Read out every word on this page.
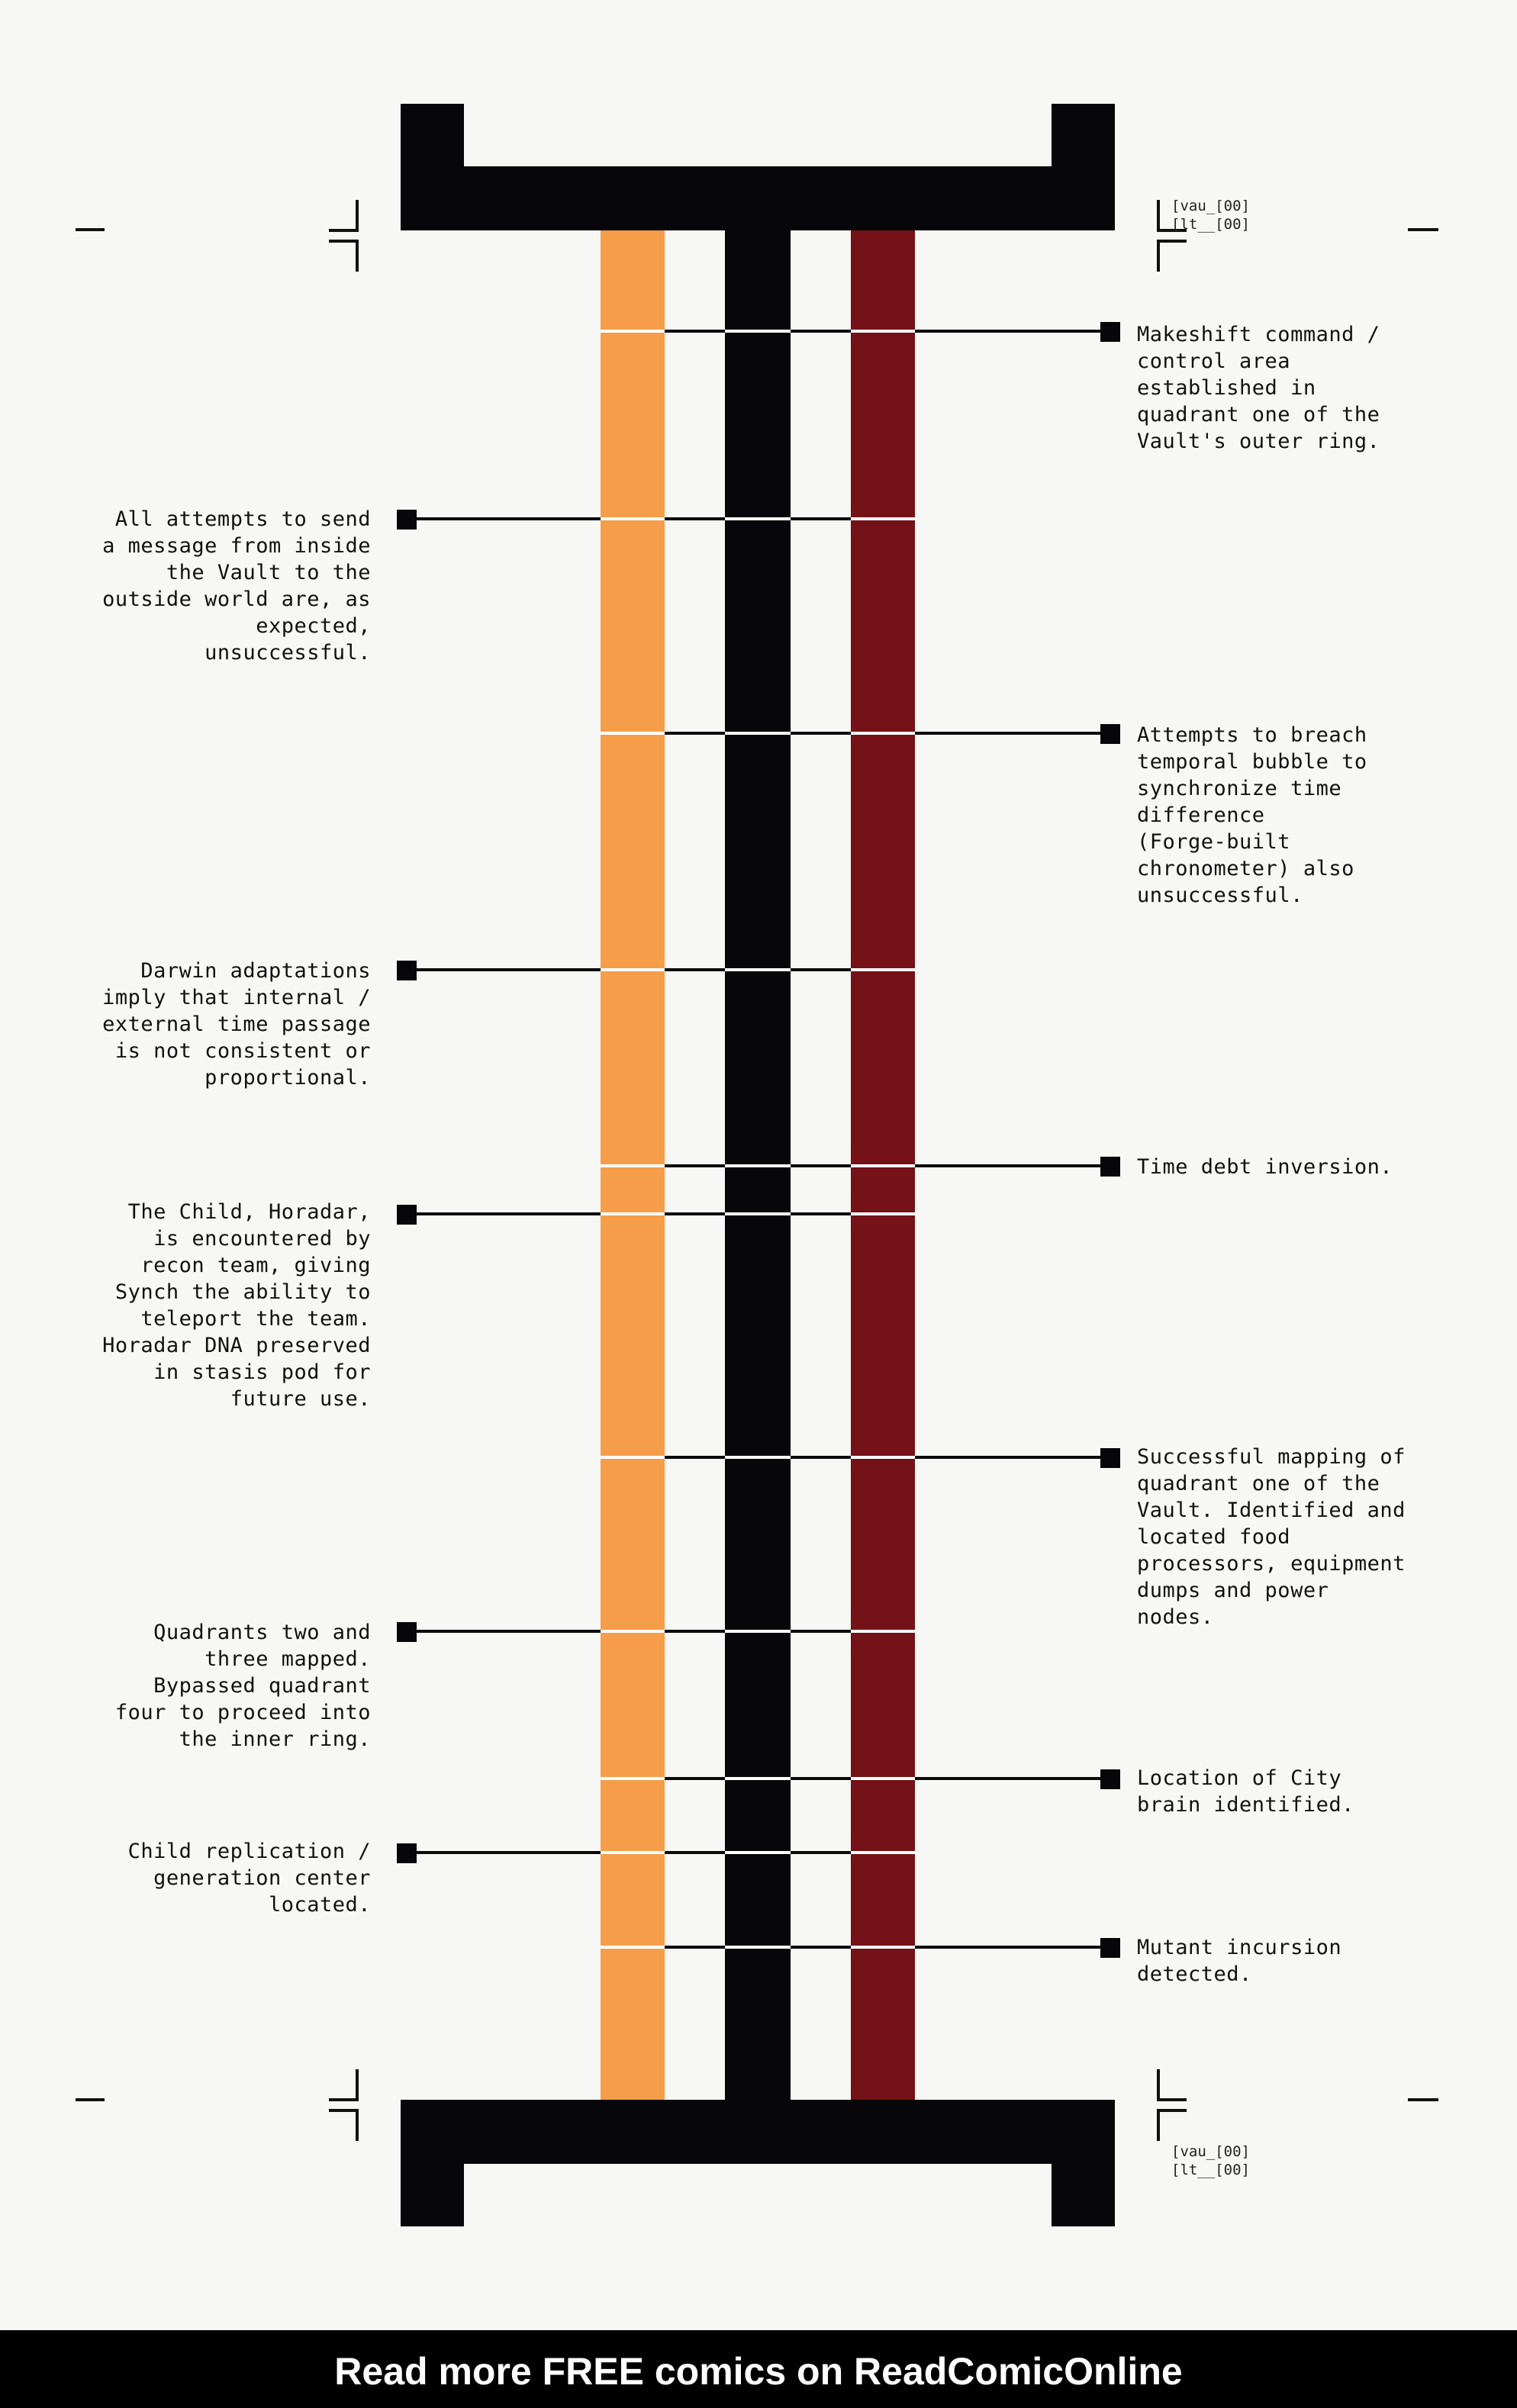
[vau_[00]
[lt__[00]

[vau_[00]
[lt__[00]

Makeshift command /
control area
established in
quadrant one of the
Vault's outer ring.

All attempts to send
a message from inside
the Vault to the
outside world are, as
expected,
unsuccessful.

Attempts to breach
temporal bubble to
synchronize time
difference
(Forge-built
chronometer) also
unsuccessful.

Darwin adaptations
imply that internal /
external time passage
is not consistent or
proportional.

Time debt inversion.

The Child, Horadar,
is encountered by
recon team, giving
Synch the ability to
teleport the team.
Horadar DNA preserved
in stasis pod for
future use.

Successful mapping of
quadrant one of the
Vault. Identified and
located food
processors, equipment
dumps and power
nodes.

Quadrants two and
three mapped.
Bypassed quadrant
four to proceed into
the inner ring.

Location of City
brain identified.

Child replication /
generation center
located.

Mutant incursion
detected.

Read more FREE comics on ReadComicOnline
